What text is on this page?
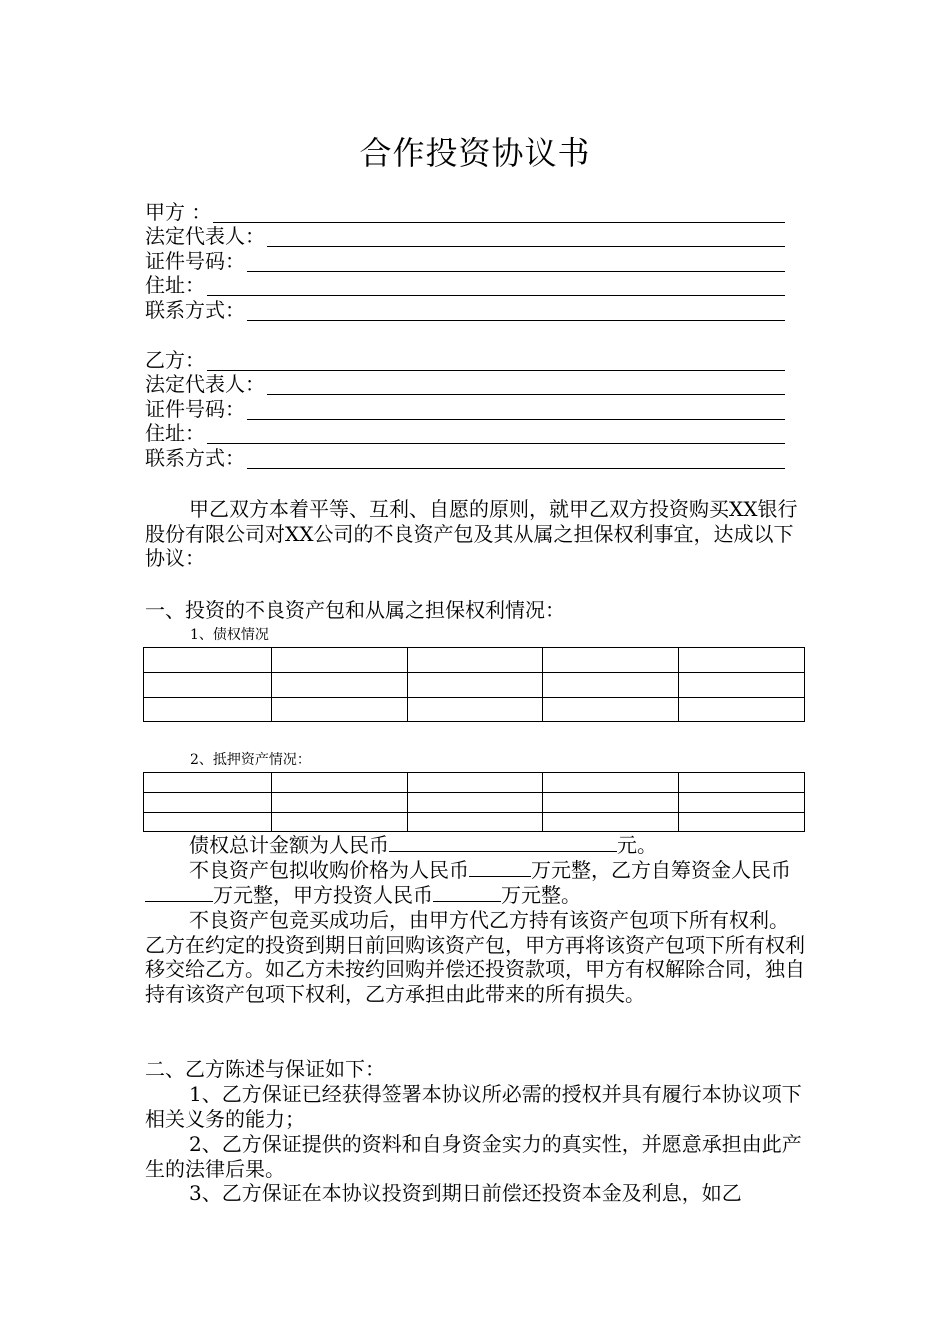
合作投资协议书
甲方 ：
法定代表人：
证件号码：
住址：
联系方式：
乙方：
法定代表人：
证件号码：
住址：
联系方式：
甲乙双方本着平等、互利、自愿的原则，就甲乙双方投资购买XX银行股份有限公司对XX公司的不良资产包及其从属之担保权利事宜，达成以下协议：
一、投资的不良资产包和从属之担保权利情况：
1、债权情况

2、抵押资产情况：

债权总计金额为人民币	元。
不良资产包拟收购价格为人民币	万元整，乙方自筹资金人民币万元整，甲方投资人民币	万元整。
不良资产包竞买成功后，由甲方代乙方持有该资产包项下所有权利。乙方在约定的投资到期日前回购该资产包，甲方再将该资产包项下所有权利移交给乙方。如乙方未按约回购并偿还投资款项，甲方有权解除合同，独自持有该资产包项下权利，乙方承担由此带来的所有损失。
二、乙方陈述与保证如下：
1、乙方保证已经获得签署本协议所必需的授权并具有履行本协议项下相关义务的能力；
2、乙方保证提供的资料和自身资金实力的真实性，并愿意承担由此产生的法律后果。
3、乙方保证在本协议投资到期日前偿还投资本金及利息，如乙
